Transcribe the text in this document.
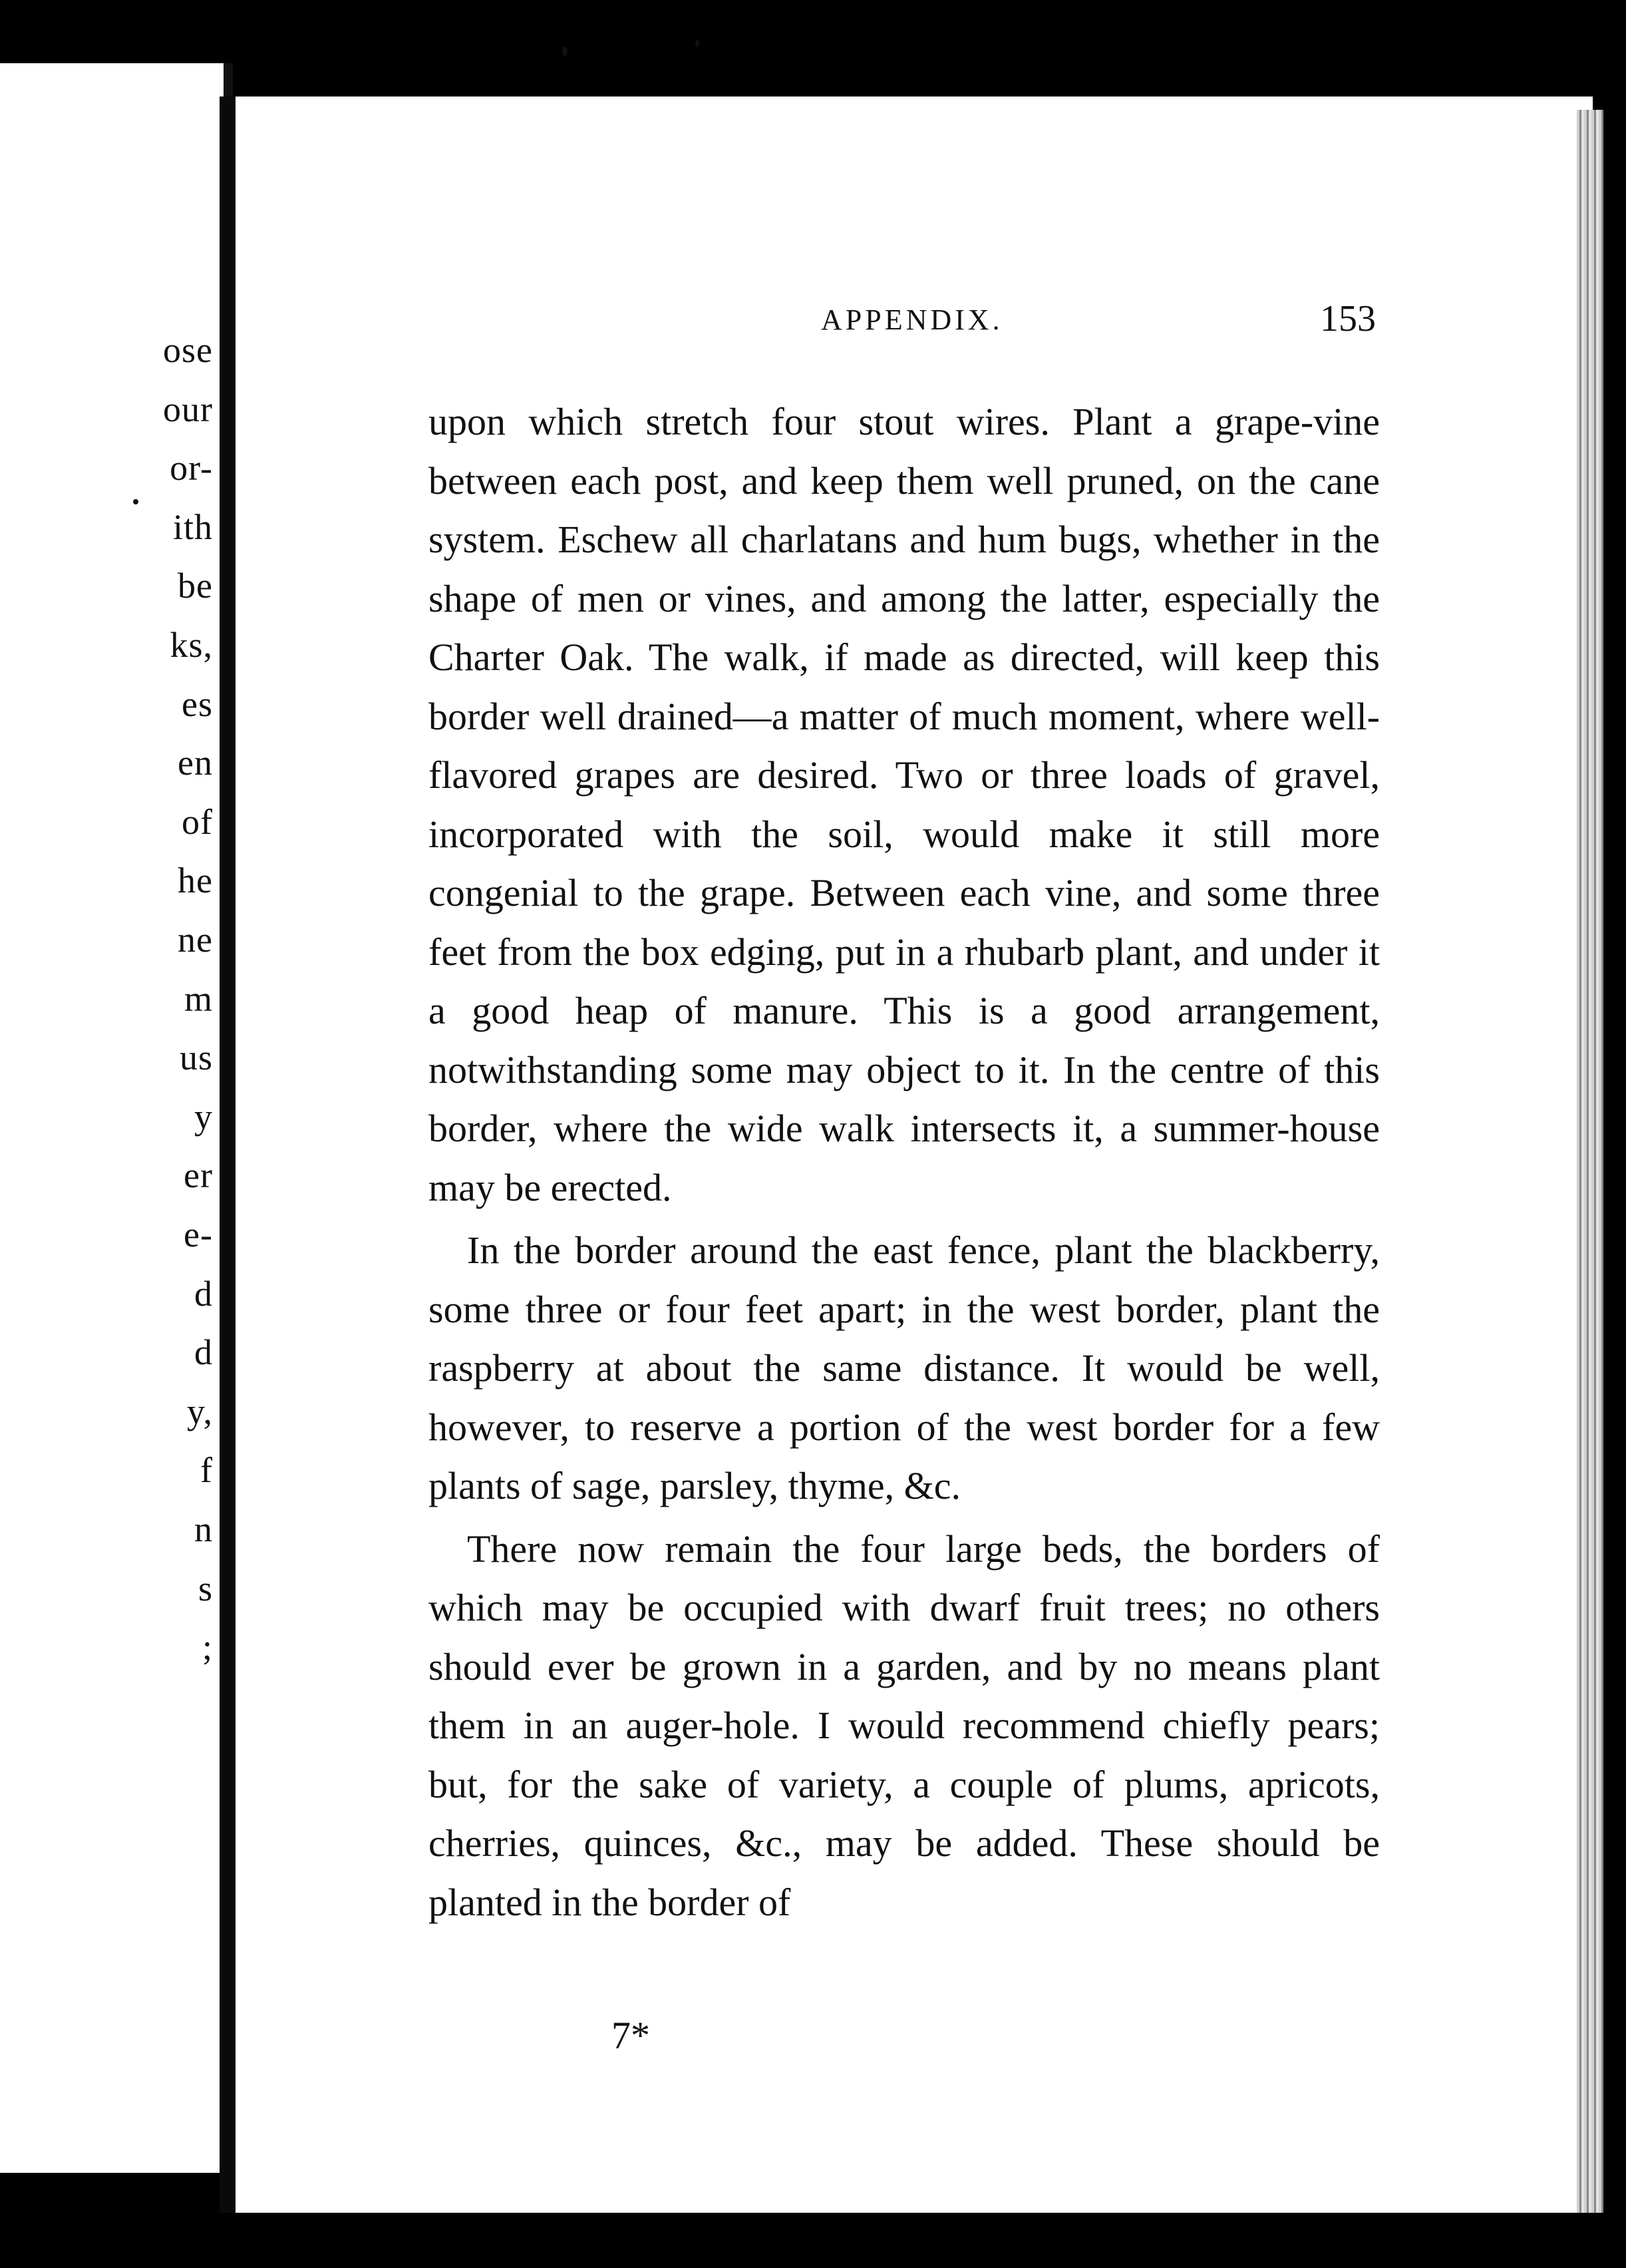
ose
our
or-
ith
be
ks,
es
en
of
he
ne
m
us
y
er
e-
d
d
y,
f
n
s
;
APPENDIX.	153

upon which stretch four stout wires. Plant a grape-vine between each post, and keep them well pruned, on the cane system. Eschew all charlatans and hum bugs, whether in the shape of men or vines, and among the latter, especially the Charter Oak. The walk, if made as directed, will keep this border well drained—a matter of much moment, where well-flavored grapes are desired. Two or three loads of gravel, incorporated with the soil, would make it still more congenial to the grape. Between each vine, and some three feet from the box edging, put in a rhubarb plant, and under it a good heap of manure. This is a good arrangement, notwithstanding some may object to it. In the centre of this border, where the wide walk intersects it, a summer-house may be erected.

In the border around the east fence, plant the blackberry, some three or four feet apart; in the west border, plant the raspberry at about the same distance. It would be well, however, to reserve a portion of the west border for a few plants of sage, parsley, thyme, &c.

There now remain the four large beds, the borders of which may be occupied with dwarf fruit trees; no others should ever be grown in a garden, and by no means plant them in an auger-hole. I would recommend chiefly pears; but, for the sake of variety, a couple of plums, apricots, cherries, quinces, &c., may be added. These should be planted in the border of

7*
